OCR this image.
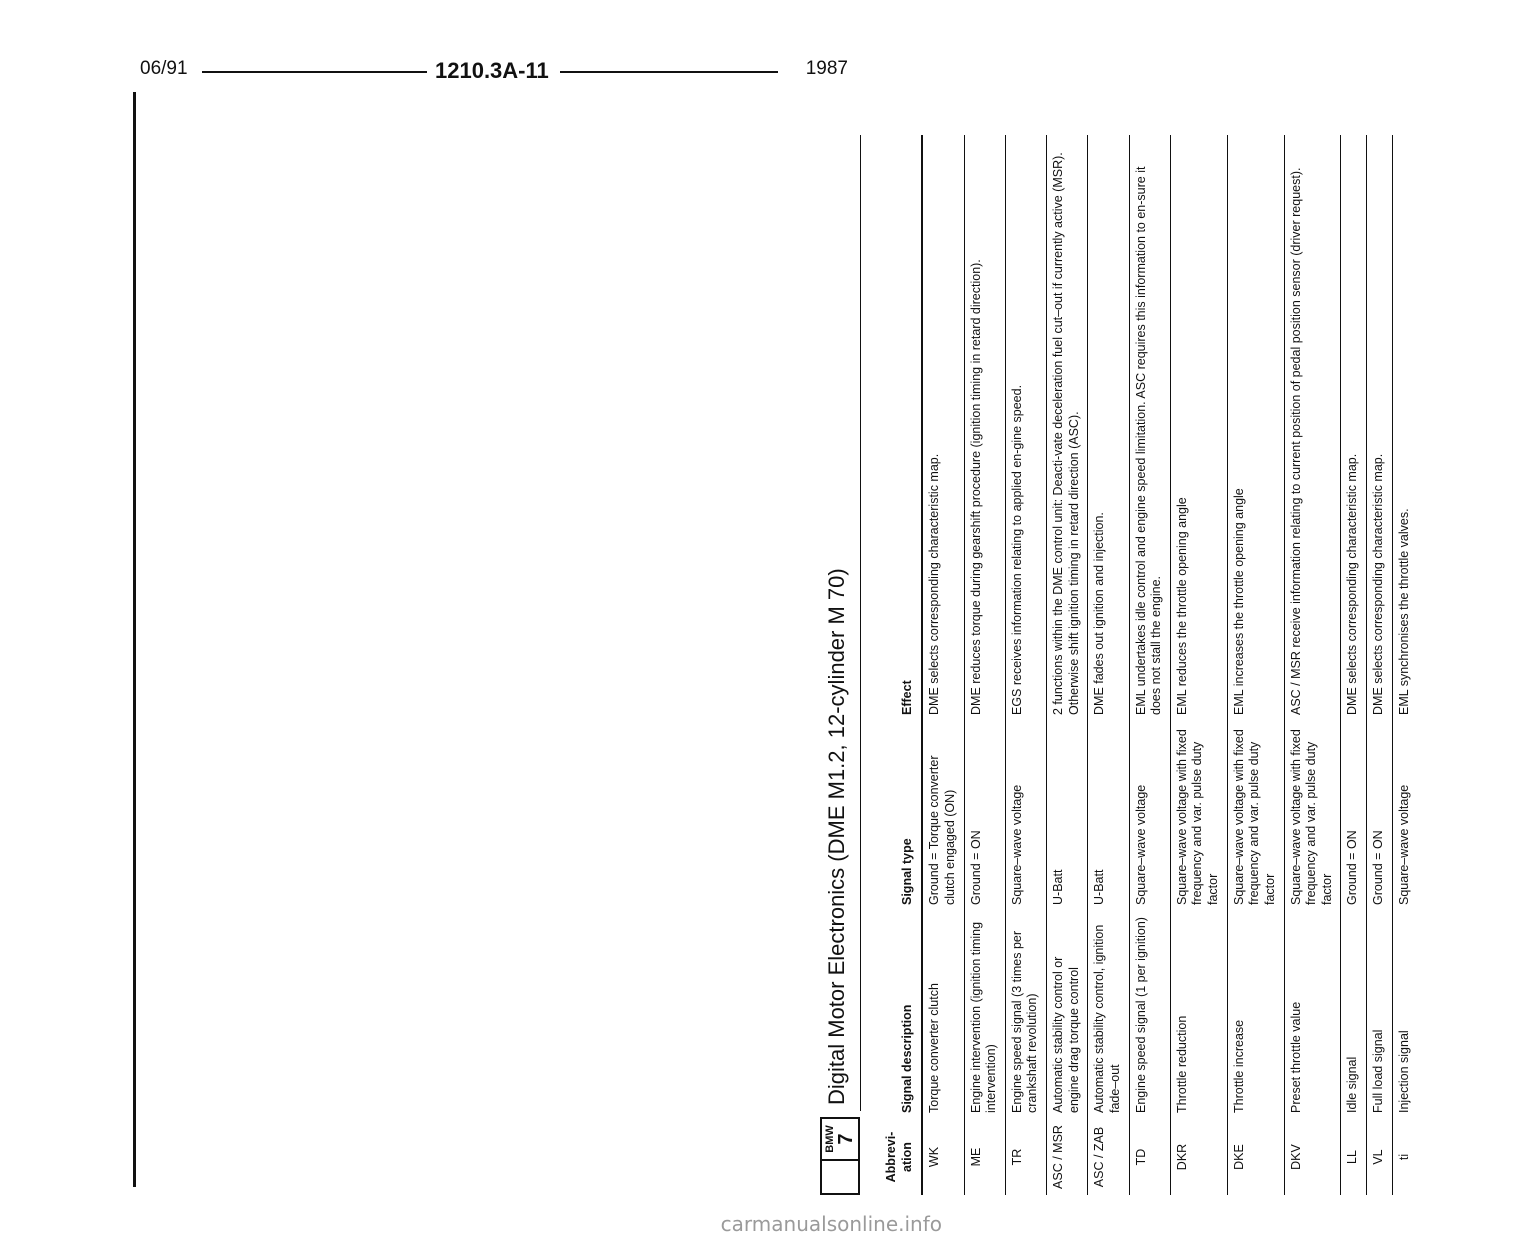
06/91	1210.3A-11	1987
BMW 7
Digital Motor Electronics (DME M1.2, 12-cylinder M 70)
Abbrevi-
ation	Signal description	Signal type	Effect
WK	Torque converter clutch	Ground = Torque converter clutch engaged (ON)	DME selects corresponding characteristic map.
ME	Engine intervention (ignition timing intervention)	Ground = ON	DME reduces torque during gearshift procedure (ignition timing in retard direction).
TR	Engine speed signal (3 times per crankshaft revolution)	Square–wave voltage	EGS receives information relating to applied en-gine speed.
ASC / MSR	Automatic stability control or engine drag torque control	U-Batt	2 functions within the DME control unit: Deacti-vate deceleration fuel cut–out if currently active (MSR). Otherwise shift ignition timing in retard direction (ASC).
ASC / ZAB	Automatic stability control, ignition fade–out	U-Batt	DME fades out ignition and injection.
TD	Engine speed signal (1 per ignition)	Square–wave voltage	EML undertakes idle control and engine speed limitation. ASC requires this information to en-sure it does not stall the engine.
DKR	Throttle reduction	Square–wave voltage with fixed frequency and var. pulse duty factor	EML reduces the throttle opening angle
DKE	Throttle increase	Square–wave voltage with fixed frequency and var. pulse duty factor	EML increases the throttle opening angle
DKV	Preset throttle value	Square–wave voltage with fixed frequency and var. pulse duty factor	ASC / MSR receive information relating to current position of pedal position sensor (driver request).
LL	Idle signal	Ground = ON	DME selects corresponding characteristic map.
VL	Full load signal	Ground = ON	DME selects corresponding characteristic map.
ti	Injection signal	Square–wave voltage	EML synchronises the throttle valves.
carmanualsonline.info
